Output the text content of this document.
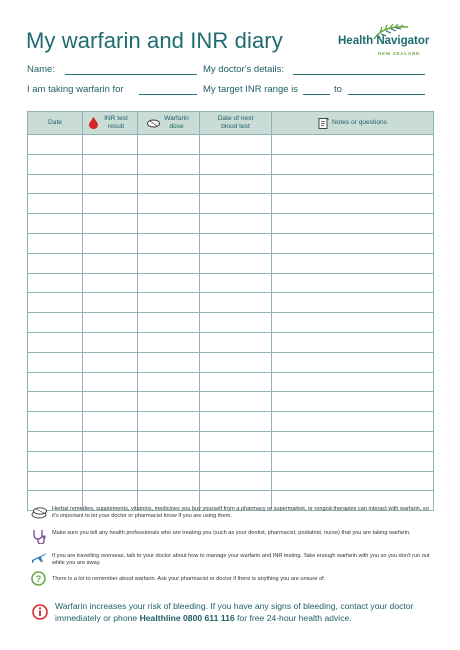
My warfarin and INR diary	Health Navigator
NEW ZEALAND
Name:	My doctor's details:
I am taking warfarin for	My target INR range is	to
Date	INR test result	Warfarin dose	Date of next blood test	Notes or questions

Herbal remedies, supplements, vitamins, medicines you buy yourself from a pharmacy or supermarket, or rongoā therapies can interact with warfarin, so it's important to let your doctor or pharmacist know if you are using them.
Make sure you tell any health professionals who are treating you (such as your dentist, pharmacist, podiatrist, nurse) that you are taking warfarin.
If you are travelling overseas, talk to your doctor about how to manage your warfarin and INR testing. Take enough warfarin with you so you don't run out while you are away.
? There is a lot to remember about warfarin. Ask your pharmacist or doctor if there is anything you are unsure of.
Warfarin increases your risk of bleeding. If you have any signs of bleeding, contact your doctor immediately or phone Healthline 0800 611 116 for free 24-hour health advice.
